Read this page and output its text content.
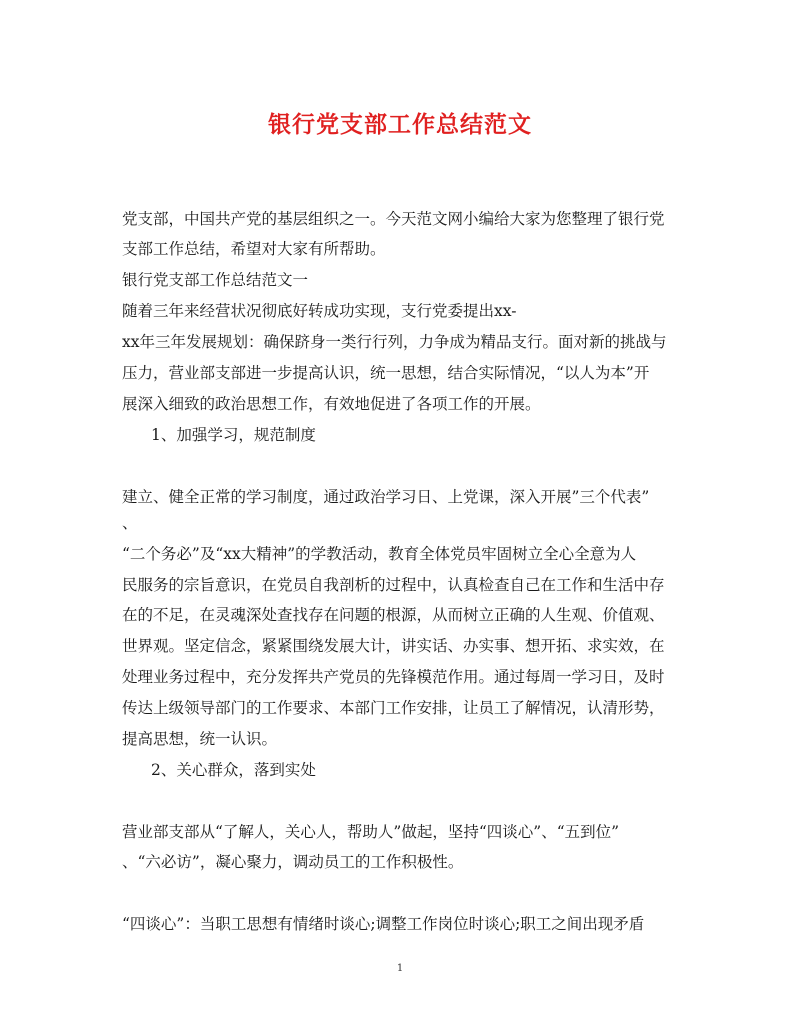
银行党支部工作总结范文
党支部，中国共产党的基层组织之一。今天范文网小编给大家为您整理了银行党
支部工作总结，希望对大家有所帮助。
银行党支部工作总结范文一
随着三年来经营状况彻底好转成功实现，支行党委提出xx-
xx年三年发展规划：确保跻身一类行行列，力争成为精品支行。面对新的挑战与
压力，营业部支部进一步提高认识，统一思想，结合实际情况，“以人为本”开
展深入细致的政治思想工作，有效地促进了各项工作的开展。
1、加强学习，规范制度
建立、健全正常的学习制度，通过政治学习日、上党课，深入开展”三个代表”
、
“二个务必”及“xx大精神”的学教活动，教育全体党员牢固树立全心全意为人
民服务的宗旨意识，在党员自我剖析的过程中，认真检查自己在工作和生活中存
在的不足，在灵魂深处查找存在问题的根源，从而树立正确的人生观、价值观、
世界观。坚定信念，紧紧围绕发展大计，讲实话、办实事、想开拓、求实效，在
处理业务过程中，充分发挥共产党员的先锋模范作用。通过每周一学习日，及时
传达上级领导部门的工作要求、本部门工作安排，让员工了解情况，认清形势，
提高思想，统一认识。
2、关心群众，落到实处
营业部支部从“了解人，关心人，帮助人”做起，坚持“四谈心”、“五到位”
、“六必访”，凝心聚力，调动员工的工作积极性。
“四谈心”：当职工思想有情绪时谈心;调整工作岗位时谈心;职工之间出现矛盾
1
